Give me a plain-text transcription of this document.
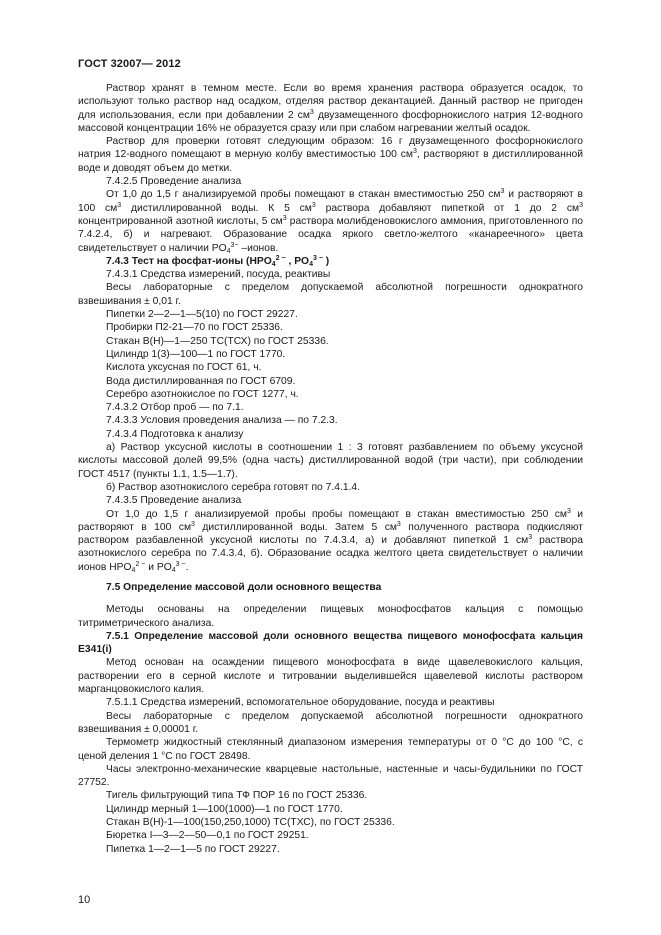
ГОСТ 32007— 2012

Раствор хранят в темном месте. Если во время хранения раствора образуется осадок, то используют только раствор над осадком, отделяя раствор декантацией. Данный раствор не пригоден для использования, если при добавлении 2 $см^3$ двузамещенного фосфорнокислого натрия 12-водного массовой концентрации 16% не образуется сразу или при слабом нагревании желтый осадок.

Раствор для проверки готовят следующим образом: 16 г двузамещенного фосфорнокислого натрия 12-водного помещают в мерную колбу вместимостью 100 $см^3$, растворяют в дистиллированной воде и доводят объем до метки.

7.4.2.5 Проведение анализа

От 1,0 до 1,5 г анализируемой пробы помещают в стакан вместимостью 250 $см^3$ и растворяют в 100 $см^3$ дистиллированной воды. К 5 $см^3$ раствора добавляют пипеткой от 1 до 2 $см^3$ концентрированной азотной кислоты, 5 $см^3$ раствора молибденовокислого аммония, приготовленного по 7.4.2.4, б) и нагревают. Образование осадка яркого светло-желтого «канареечного» цвета свидетельствует о наличии $PO_4^{3-}$ –ионов.

7.4.3 Тест на фосфат-ионы ($HPO_4^{2 -}$ , $PO_4^{3 -}$ )

7.4.3.1 Средства измерений, посуда, реактивы

Весы лабораторные с пределом допускаемой абсолютной погрешности однократного взвешивания ± 0,01 г.

Пипетки 2—2—1—5(10) по ГОСТ 29227.

Пробирки П2-21—70 по ГОСТ 25336.

Стакан В(Н)—1—250 ТС(ТСХ) по ГОСТ 25336.

Цилиндр 1(3)—100—1 по ГОСТ 1770.

Кислота уксусная по ГОСТ 61, ч.

Вода дистиллированная по ГОСТ 6709.

Серебро азотнокислое по ГОСТ 1277, ч.

7.4.3.2 Отбор проб — по 7.1.

7.4.3.3 Условия проведения анализа — по 7.2.3.

7.4.3.4 Подготовка к анализу

а) Раствор уксусной кислоты в соотношении 1 : 3 готовят разбавлением по объему уксусной кислоты массовой долей 99,5% (одна часть) дистиллированной водой (три части), при соблюдении ГОСТ 4517 (пункты 1.1, 1.5—1.7).

б) Раствор азотнокислого серебра готовят по 7.4.1.4.

7.4.3.5 Проведение анализа

От 1,0 до 1,5 г анализируемой пробы пробы помещают в стакан вместимостью 250 $см^3$ и растворяют в 100 $см^3$ дистиллированной воды. Затем 5 $см^3$ полученного раствора подкисляют раствором разбавленной уксусной кислоты по 7.4.3.4, а) и добавляют пипеткой 1 $см^3$ раствора азотнокислого серебра по 7.4.3.4, б). Образование осадка желтого цвета свидетельствует о наличии ионов $HPO_4^{2 -}$ и $PO_4^{3 -}$.

7.5 Определение массовой доли основного вещества

Методы основаны на определении пищевых монофосфатов кальция с помощью титриметрического анализа.

7.5.1 Определение массовой доли основного вещества пищевого монофосфата кальция Е341(i)

Метод основан на осаждении пищевого монофосфата в виде щавелевокислого кальция, растворении его в серной кислоте и титровании выделившейся щавелевой кислоты раствором марганцовокислого калия.

7.5.1.1 Средства измерений, вспомогательное оборудование, посуда и реактивы

Весы лабораторные с пределом допускаемой абсолютной погрешности однократного взвешивания ± 0,00001 г.

Термометр жидкостный стеклянный диапазоном измерения температуры от 0 °С до 100 °С, с ценой деления 1 °С по ГОСТ 28498.

Часы электронно-механические кварцевые настольные, настенные и часы-будильники по ГОСТ 27752.

Тигель фильтрующий типа ТФ ПОР 16 по ГОСТ 25336.

Цилиндр мерный 1—100(1000)—1 по ГОСТ 1770.

Стакан В(Н)-1—100(150,250,1000) ТС(ТХС), по ГОСТ 25336.

Бюретка I—3—2—50—0,1 по ГОСТ 29251.

Пипетка 1—2—1—5 по ГОСТ 29227.

10
